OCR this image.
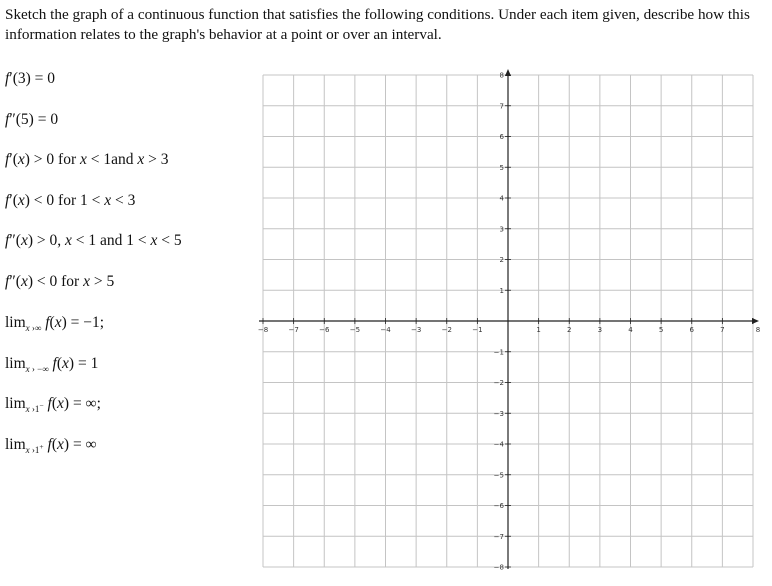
Sketch the graph of a continuous function that satisfies the following conditions. Under each item given, describe how this information relates to the graph's behavior at a point or over an interval.
f′(3) = 0
f″(5) = 0
f′(x) > 0 for x < 1and x > 3
f′(x) < 0 for 1 < x < 3
f″(x) > 0, x < 1 and 1 < x < 5
f″(x) < 0 for x > 5
$\lim_{x ›\infty} f(x) = -1$;
$\lim_{x › -\infty} f(x) = 1$
$\lim_{x ›1^-} f(x)$ = ∞;
$\lim_{x ›1^+} f(x)$ = ∞
−8	−7	−6	−5	−4	−3	−2	−1	1	2	3	4	5	6	7	8
8
7
6
5
4
3
2
1
−1
−2
−3
−4
−5
−6
−7
−8
